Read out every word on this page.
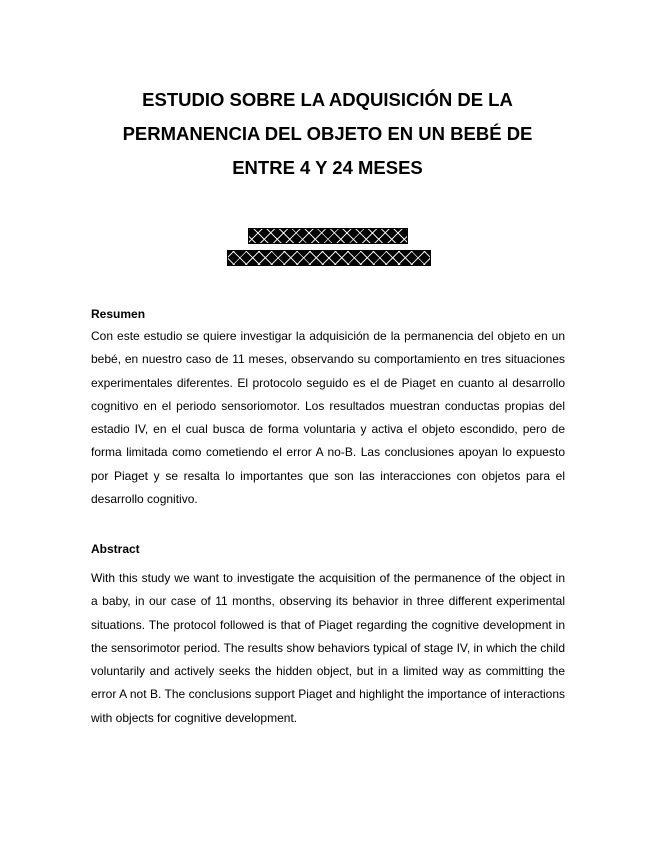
ESTUDIO SOBRE LA ADQUISICIÓN DE LA
PERMANENCIA DEL OBJETO EN UN BEBÉ DE
ENTRE 4 Y 24 MESES
Resumen

Con este estudio se quiere investigar la adquisición de la permanencia del objeto en un bebé, en nuestro caso de 11 meses, observando su comportamiento en tres situaciones experimentales diferentes. El protocolo seguido es el de Piaget en cuanto al desarrollo cognitivo en el periodo sensoriomotor. Los resultados muestran conductas propias del estadio IV, en el cual busca de forma voluntaria y activa el objeto escondido, pero de forma limitada como cometiendo el error A no-B. Las conclusiones apoyan lo expuesto por Piaget y se resalta lo importantes que son las interacciones con objetos para el desarrollo cognitivo.

Abstract

With this study we want to investigate the acquisition of the permanence of the object in a baby, in our case of 11 months, observing its behavior in three different experimental situations. The protocol followed is that of Piaget regarding the cognitive development in the sensorimotor period. The results show behaviors typical of stage IV, in which the child voluntarily and actively seeks the hidden object, but in a limited way as committing the error A not B. The conclusions support Piaget and highlight the importance of interactions with objects for cognitive development.
